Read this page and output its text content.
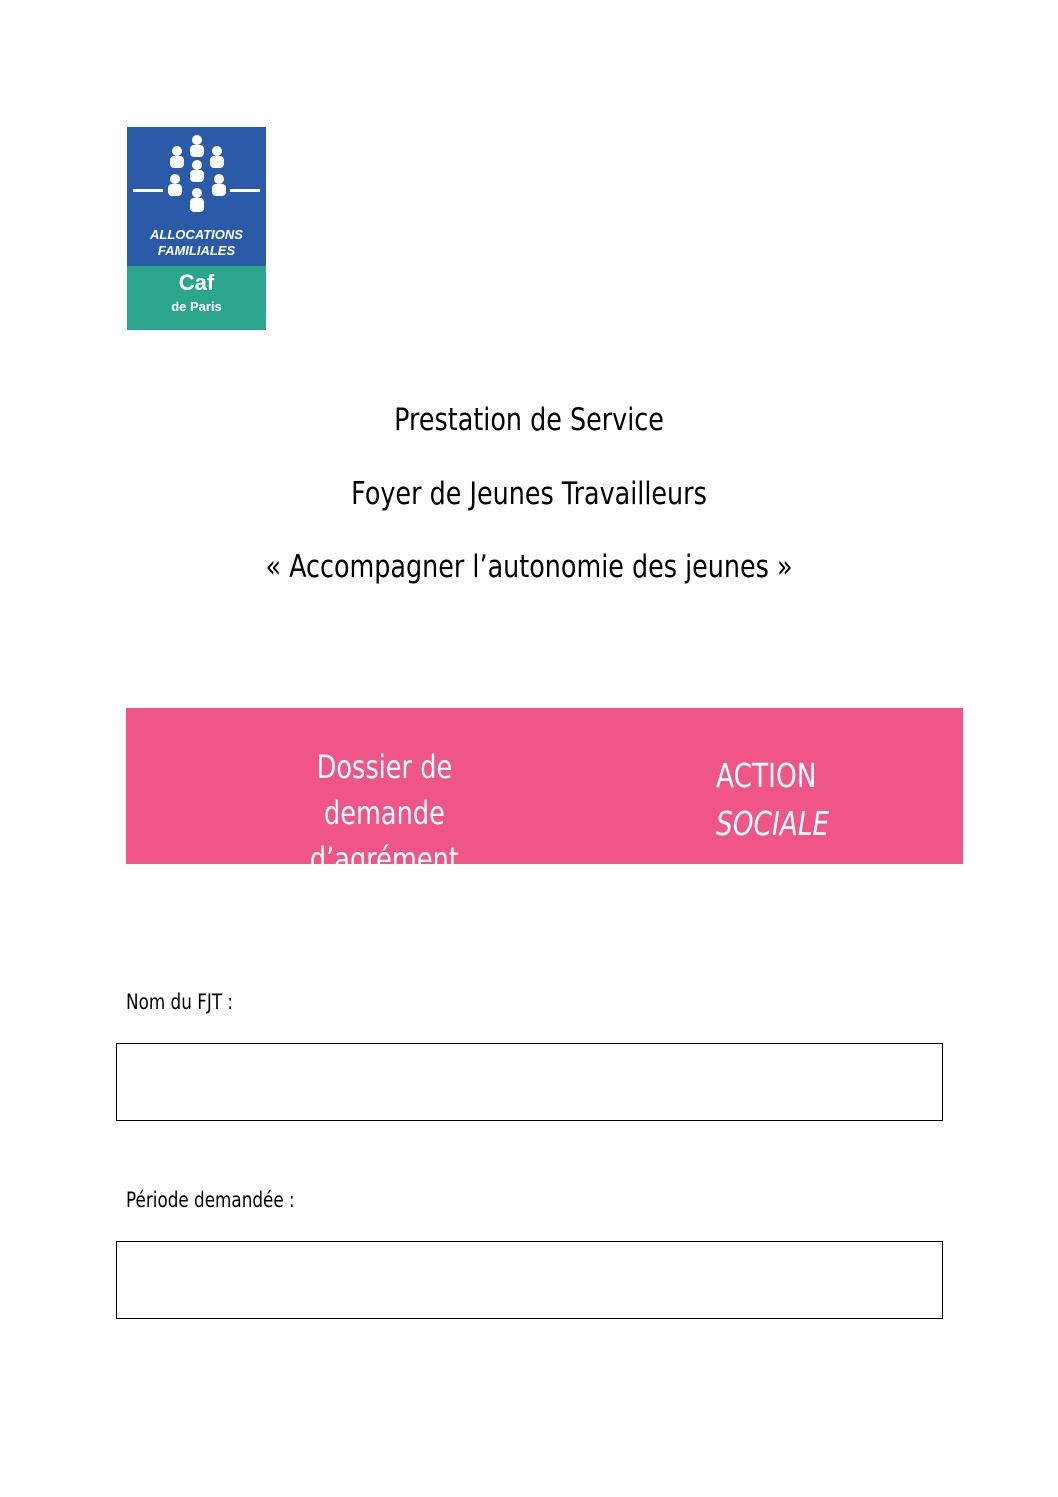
ALLOCATIONS
FAMILIALES
Caf
de Paris
Prestation de Service
Foyer de Jeunes Travailleurs
« Accompagner l’autonomie des jeunes »
Dossier de demande
d’agrément
ACTION
SOCIALE
Nom du FJT :
Période demandée :
